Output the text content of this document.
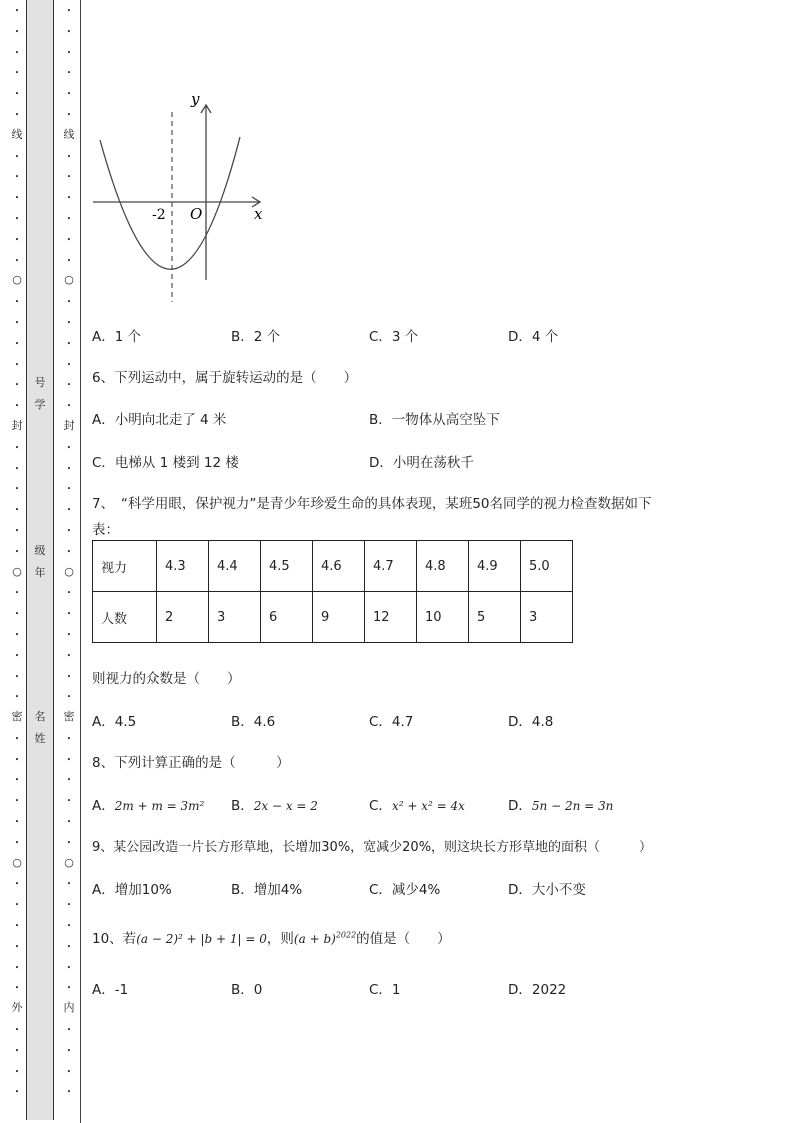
•
•
•
•
•
•
线
•
•
•
•
•
•
○
•
•
•
•
•
•
封
•
•
•
•
•
•
○
•
•
•
•
•
•
密
•
•
•
•
•
•
○
•
•
•
•
•
•
外
•
•
•
•
号
学
级
年
名
姓
•
•
•
•
•
•
线
•
•
•
•
•
•
○
•
•
•
•
•
•
封
•
•
•
•
•
•
○
•
•
•
•
•
•
密
•
•
•
•
•
•
○
•
•
•
•
•
•
内
•
•
•
•
y
x
O
-2
A．1 个	B．2 个	C．3 个	D．4 个
6、下列运动中，属于旋转运动的是（　　）
A．小明向北走了 4 米	B．一物体从高空坠下
C．电梯从 1 楼到 12 楼	D．小明在荡秋千
7、　“科学用眼，保护视力”是青少年珍爱生命的具体表现，某班50名同学的视力检查数据如下
表：
视力	4.3	4.4	4.5	4.6	4.7	4.8	4.9	5.0
人数	2	3	6	9	12	10	5	3
则视力的众数是（　　）
A．4.5	B．4.6	C．4.7	D．4.8
8、下列计算正确的是（　　　）
A．2m + m = 3m² B．2x − x = 2	C．x² + x² = 4x	D．5n − 2n = 3n
9、某公园改造一片长方形草地，长增加30%，宽减少20%，则这块长方形草地的面积（　　　）
A．增加10%	B．增加4%	C．减少4%	D．大小不变
10、若(a − 2)² + |b + 1| = 0，则$(a + b)^{2022}$的值是（　　）
A．-1	B．0	C．1	D．2022
